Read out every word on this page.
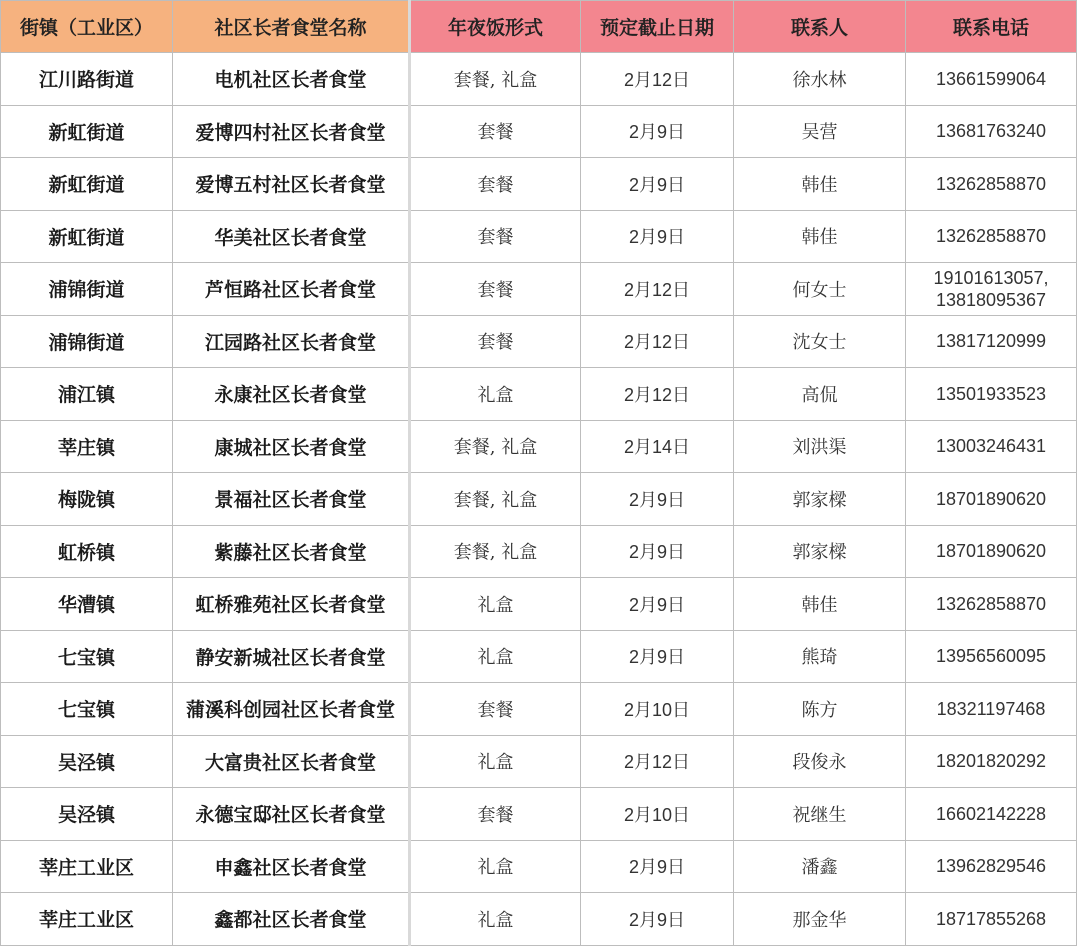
街镇（工业区）	社区长者食堂名称	年夜饭形式	预定截止日期	联系人	联系电话
江川路街道	电机社区长者食堂	套餐, 礼盒	2月12日	徐水林	13661599064

新虹街道	爱博四村社区长者食堂	套餐	2月9日	吴营	13681763240

新虹街道	爱博五村社区长者食堂	套餐	2月9日	韩佳	13262858870

新虹街道	华美社区长者食堂	套餐	2月9日	韩佳	13262858870

浦锦街道	芦恒路社区长者食堂	套餐	2月12日	何女士	19101613057,
13818095367

浦锦街道	江园路社区长者食堂	套餐	2月12日	沈女士	13817120999

浦江镇	永康社区长者食堂	礼盒	2月12日	高侃	13501933523

莘庄镇	康城社区长者食堂	套餐, 礼盒	2月14日	刘洪渠	13003246431

梅陇镇	景福社区长者食堂	套餐, 礼盒	2月9日	郭家樑	18701890620

虹桥镇	紫藤社区长者食堂	套餐, 礼盒	2月9日	郭家樑	18701890620

华漕镇	虹桥雅苑社区长者食堂	礼盒	2月9日	韩佳	13262858870

七宝镇	静安新城社区长者食堂	礼盒	2月9日	熊琦	13956560095

七宝镇	蒲溪科创园社区长者食堂	套餐	2月10日	陈方	18321197468

吴泾镇	大富贵社区长者食堂	礼盒	2月12日	段俊永	18201820292

吴泾镇	永德宝邸社区长者食堂	套餐	2月10日	祝继生	16602142228

莘庄工业区	申鑫社区长者食堂	礼盒	2月9日	潘鑫	13962829546

莘庄工业区	鑫都社区长者食堂	礼盒	2月9日	那金华	18717855268
